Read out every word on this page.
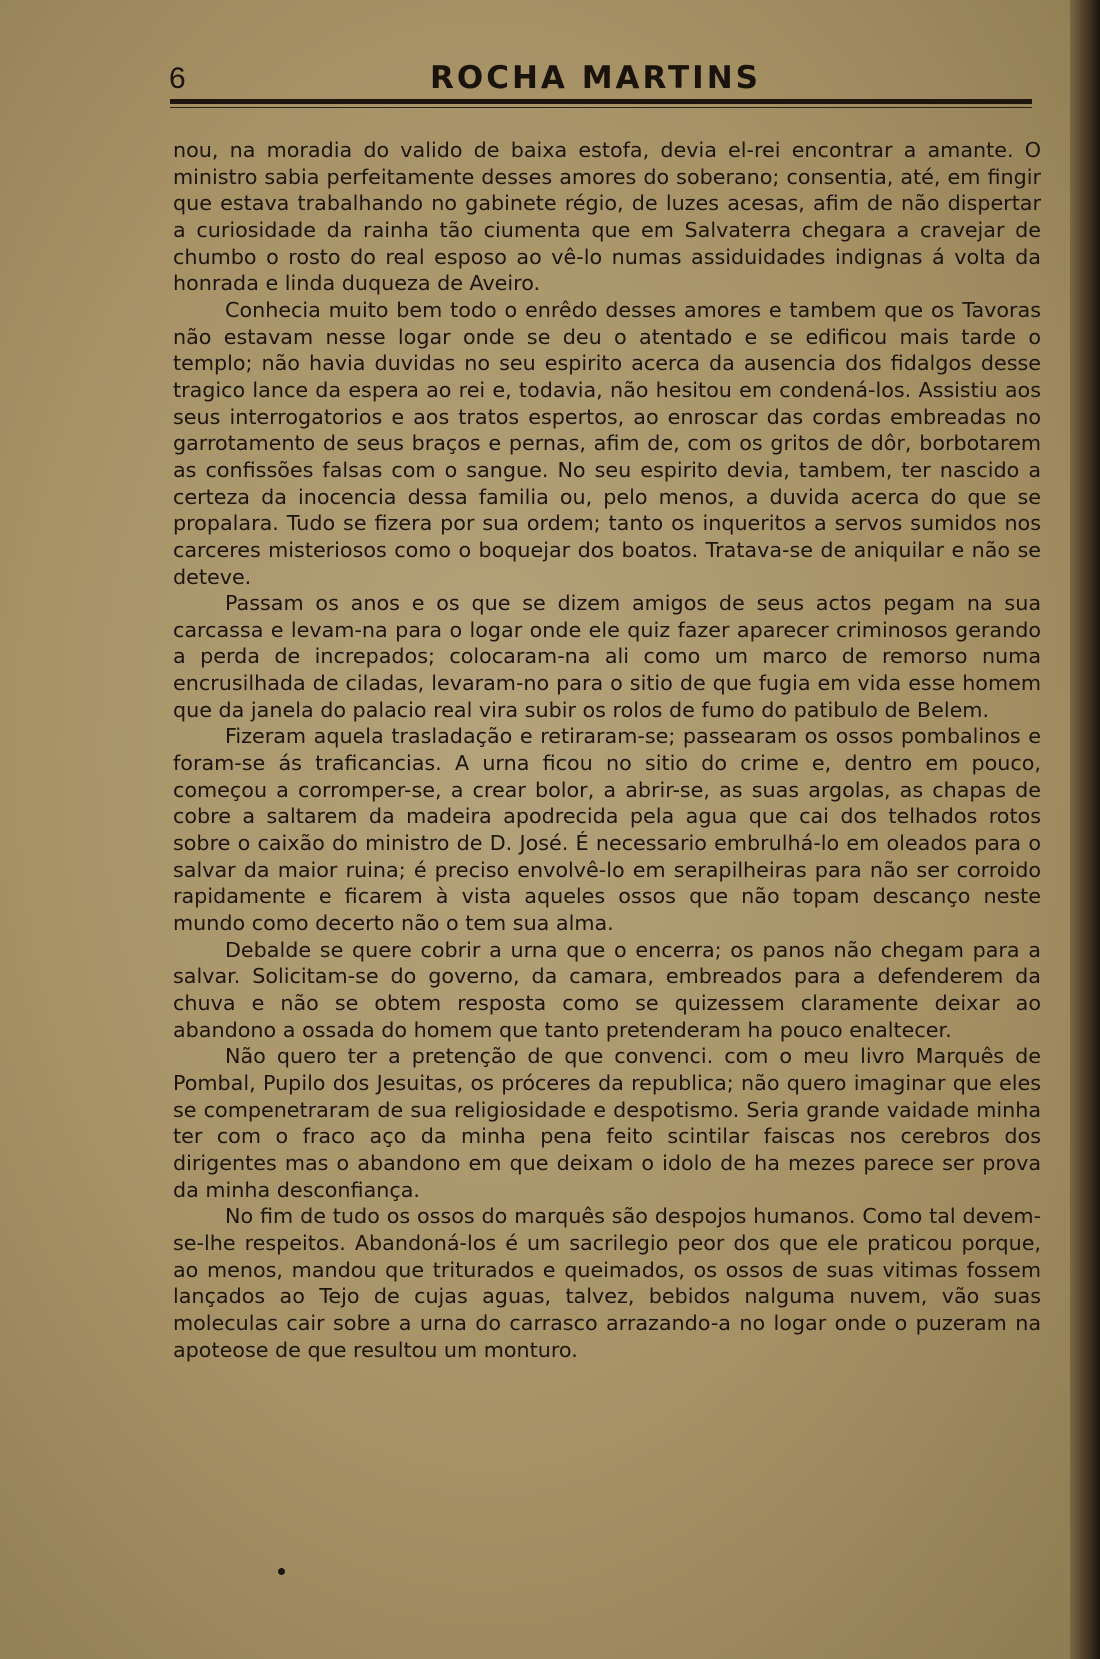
6	ROCHA MARTINS

nou, na moradia do valido de baixa estofa, devia el-rei encontrar a amante. O ministro sabia perfeitamente desses amores do soberano; consentia, até, em fingir que estava trabalhando no gabinete régio, de luzes acesas, afim de não dispertar a curiosidade da rainha tão ciumenta que em Salvaterra chegara a cravejar de chumbo o rosto do real esposo ao vê-lo numas assiduidades indignas á volta da honrada e linda duqueza de Aveiro.

Conhecia muito bem todo o enrêdo desses amores e tambem que os Tavoras não estavam nesse logar onde se deu o atentado e se edificou mais tarde o templo; não havia duvidas no seu espirito acerca da ausencia dos fidalgos desse tragico lance da espera ao rei e, todavia, não hesitou em condená-los. Assistiu aos seus interrogatorios e aos tratos espertos, ao enroscar das cordas embreadas no garrotamento de seus braços e pernas, afim de, com os gritos de dôr, borbotarem as confissões falsas com o sangue. No seu espirito devia, tambem, ter nascido a certeza da inocencia dessa familia ou, pelo menos, a duvida acerca do que se propalara. Tudo se fizera por sua ordem; tanto os inqueritos a servos sumidos nos carceres misteriosos como o boquejar dos boatos. Tratava-se de aniquilar e não se deteve.

Passam os anos e os que se dizem amigos de seus actos pegam na sua carcassa e levam-na para o logar onde ele quiz fazer aparecer criminosos gerando a perda de increpados; colocaram-na ali como um marco de remorso numa encrusilhada de ciladas, levaram-no para o sitio de que fugia em vida esse homem que da janela do palacio real vira subir os rolos de fumo do patibulo de Belem.

Fizeram aquela trasladação e retiraram-se; passearam os ossos pombalinos e foram-se ás traficancias. A urna ficou no sitio do crime e, dentro em pouco, começou a corromper-se, a crear bolor, a abrir-se, as suas argolas, as chapas de cobre a saltarem da madeira apodrecida pela agua que cai dos telhados rotos sobre o caixão do ministro de D. José. É necessario embrulhá-lo em oleados para o salvar da maior ruina; é preciso envolvê-lo em serapilheiras para não ser corroido rapidamente e ficarem à vista aqueles ossos que não topam descanço neste mundo como decerto não o tem sua alma.

Debalde se quere cobrir a urna que o encerra; os panos não chegam para a salvar. Solicitam-se do governo, da camara, embreados para a defenderem da chuva e não se obtem resposta como se quizessem claramente deixar ao abandono a ossada do homem que tanto pretenderam ha pouco enaltecer.

Não quero ter a pretenção de que convenci. com o meu livro Marquês de Pombal, Pupilo dos Jesuitas, os próceres da republica; não quero imaginar que eles se compenetraram de sua religiosidade e despotismo. Seria grande vaidade minha ter com o fraco aço da minha pena feito scintilar faiscas nos cerebros dos dirigentes mas o abandono em que deixam o idolo de ha mezes parece ser prova da minha desconfiança.

No fim de tudo os ossos do marquês são despojos humanos. Como tal devem-se-lhe respeitos. Abandoná-los é um sacrilegio peor dos que ele praticou porque, ao menos, mandou que triturados e queimados, os ossos de suas vitimas fossem lançados ao Tejo de cujas aguas, talvez, bebidos nalguma nuvem, vão suas moleculas cair sobre a urna do carrasco arrazando-a no logar onde o puzeram na apoteose de que resultou um monturo.
